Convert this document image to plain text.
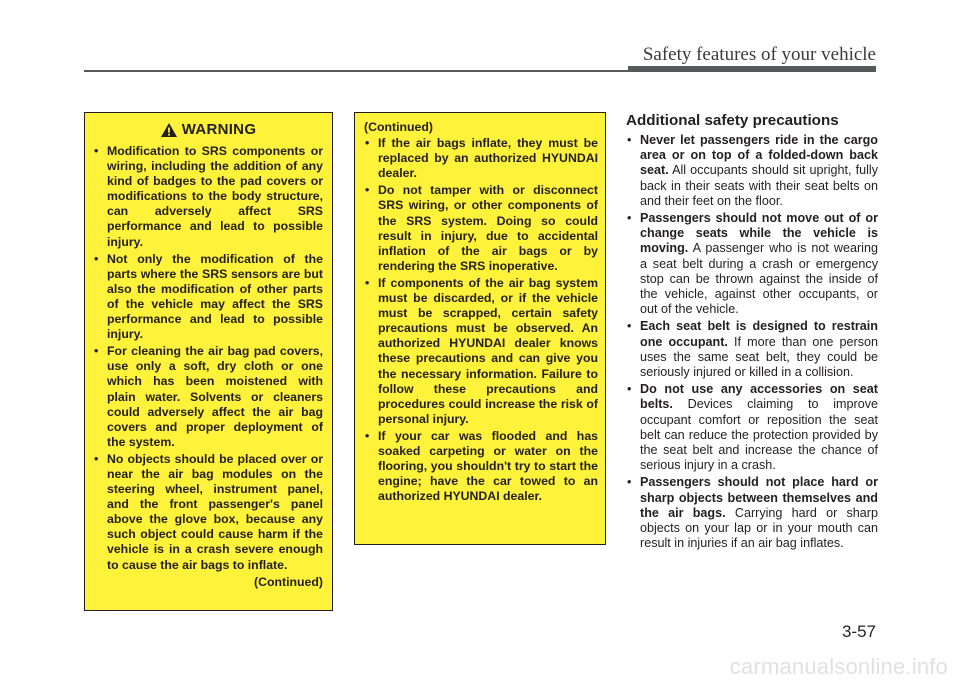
Safety features of your vehicle
WARNING
• Modification to SRS components or wiring, including the addition of any kind of badges to the pad covers or modifications to the body structure, can adversely affect SRS performance and lead to possible injury.
• Not only the modification of the parts where the SRS sensors are but also the modification of other parts of the vehicle may affect the SRS performance and lead to possible injury.
• For cleaning the air bag pad covers, use only a soft, dry cloth or one which has been moistened with plain water. Solvents or cleaners could adversely affect the air bag covers and proper deployment of the system.
• No objects should be placed over or near the air bag modules on the steering wheel, instrument panel, and the front passenger's panel above the glove box, because any such object could cause harm if the vehicle is in a crash severe enough to cause the air bags to inflate.
(Continued)
(Continued)
• If the air bags inflate, they must be replaced by an authorized HYUNDAI dealer.
• Do not tamper with or disconnect SRS wiring, or other components of the SRS system. Doing so could result in injury, due to accidental inflation of the air bags or by rendering the SRS inoperative.
• If components of the air bag system must be discarded, or if the vehicle must be scrapped, certain safety precautions must be observed. An authorized HYUNDAI dealer knows these precautions and can give you the necessary information. Failure to follow these precautions and procedures could increase the risk of personal injury.
• If your car was flooded and has soaked carpeting or water on the flooring, you shouldn't try to start the engine; have the car towed to an authorized HYUNDAI dealer.
Additional safety precautions
• Never let passengers ride in the cargo area or on top of a folded-down back seat. All occupants should sit upright, fully back in their seats with their seat belts on and their feet on the floor.
• Passengers should not move out of or change seats while the vehicle is moving. A passenger who is not wearing a seat belt during a crash or emergency stop can be thrown against the inside of the vehicle, against other occupants, or out of the vehicle.
• Each seat belt is designed to restrain one occupant. If more than one person uses the same seat belt, they could be seriously injured or killed in a collision.
• Do not use any accessories on seat belts. Devices claiming to improve occupant comfort or reposition the seat belt can reduce the protection provided by the seat belt and increase the chance of serious injury in a crash.
• Passengers should not place hard or sharp objects between themselves and the air bags. Carrying hard or sharp objects on your lap or in your mouth can result in injuries if an air bag inflates.
3-57
carmanualsonline.info
